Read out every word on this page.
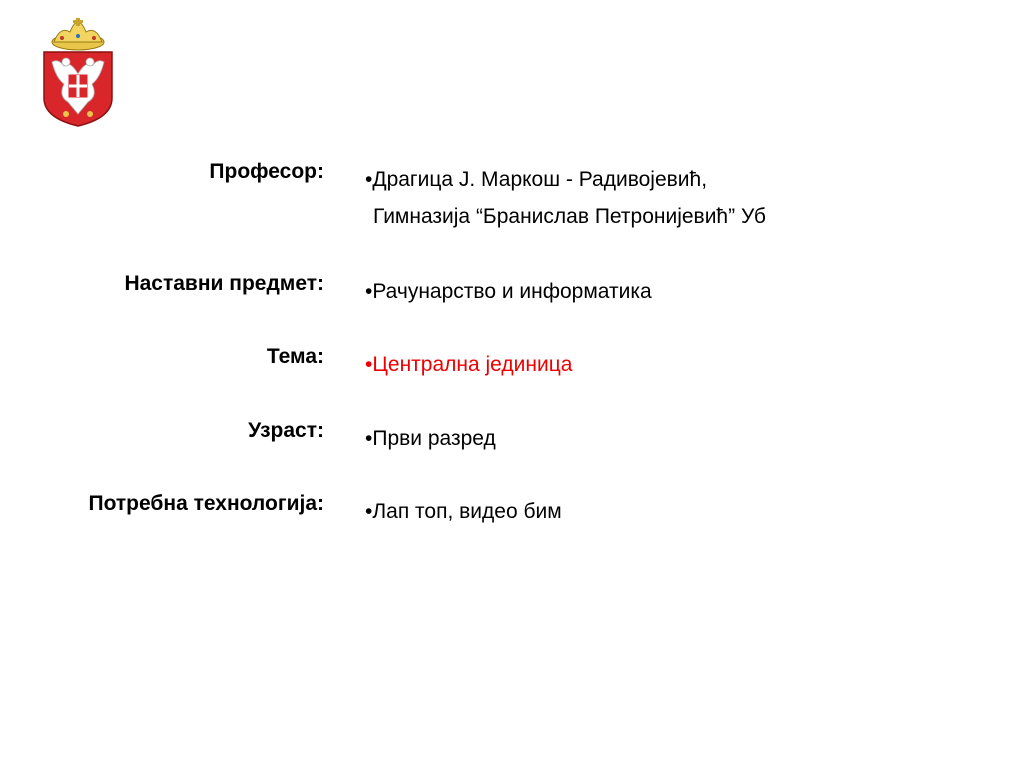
Професор:
Наставни предмет:
Тема:
Узраст:
Потребна технологија:
•Драгица Ј. Маркош - Радивојевић,
Гимназија “Бранислав Петронијевић” Уб
•Рачунарство и информатика
•Централна јединица
•Први разред
•Лап топ, видео бим
